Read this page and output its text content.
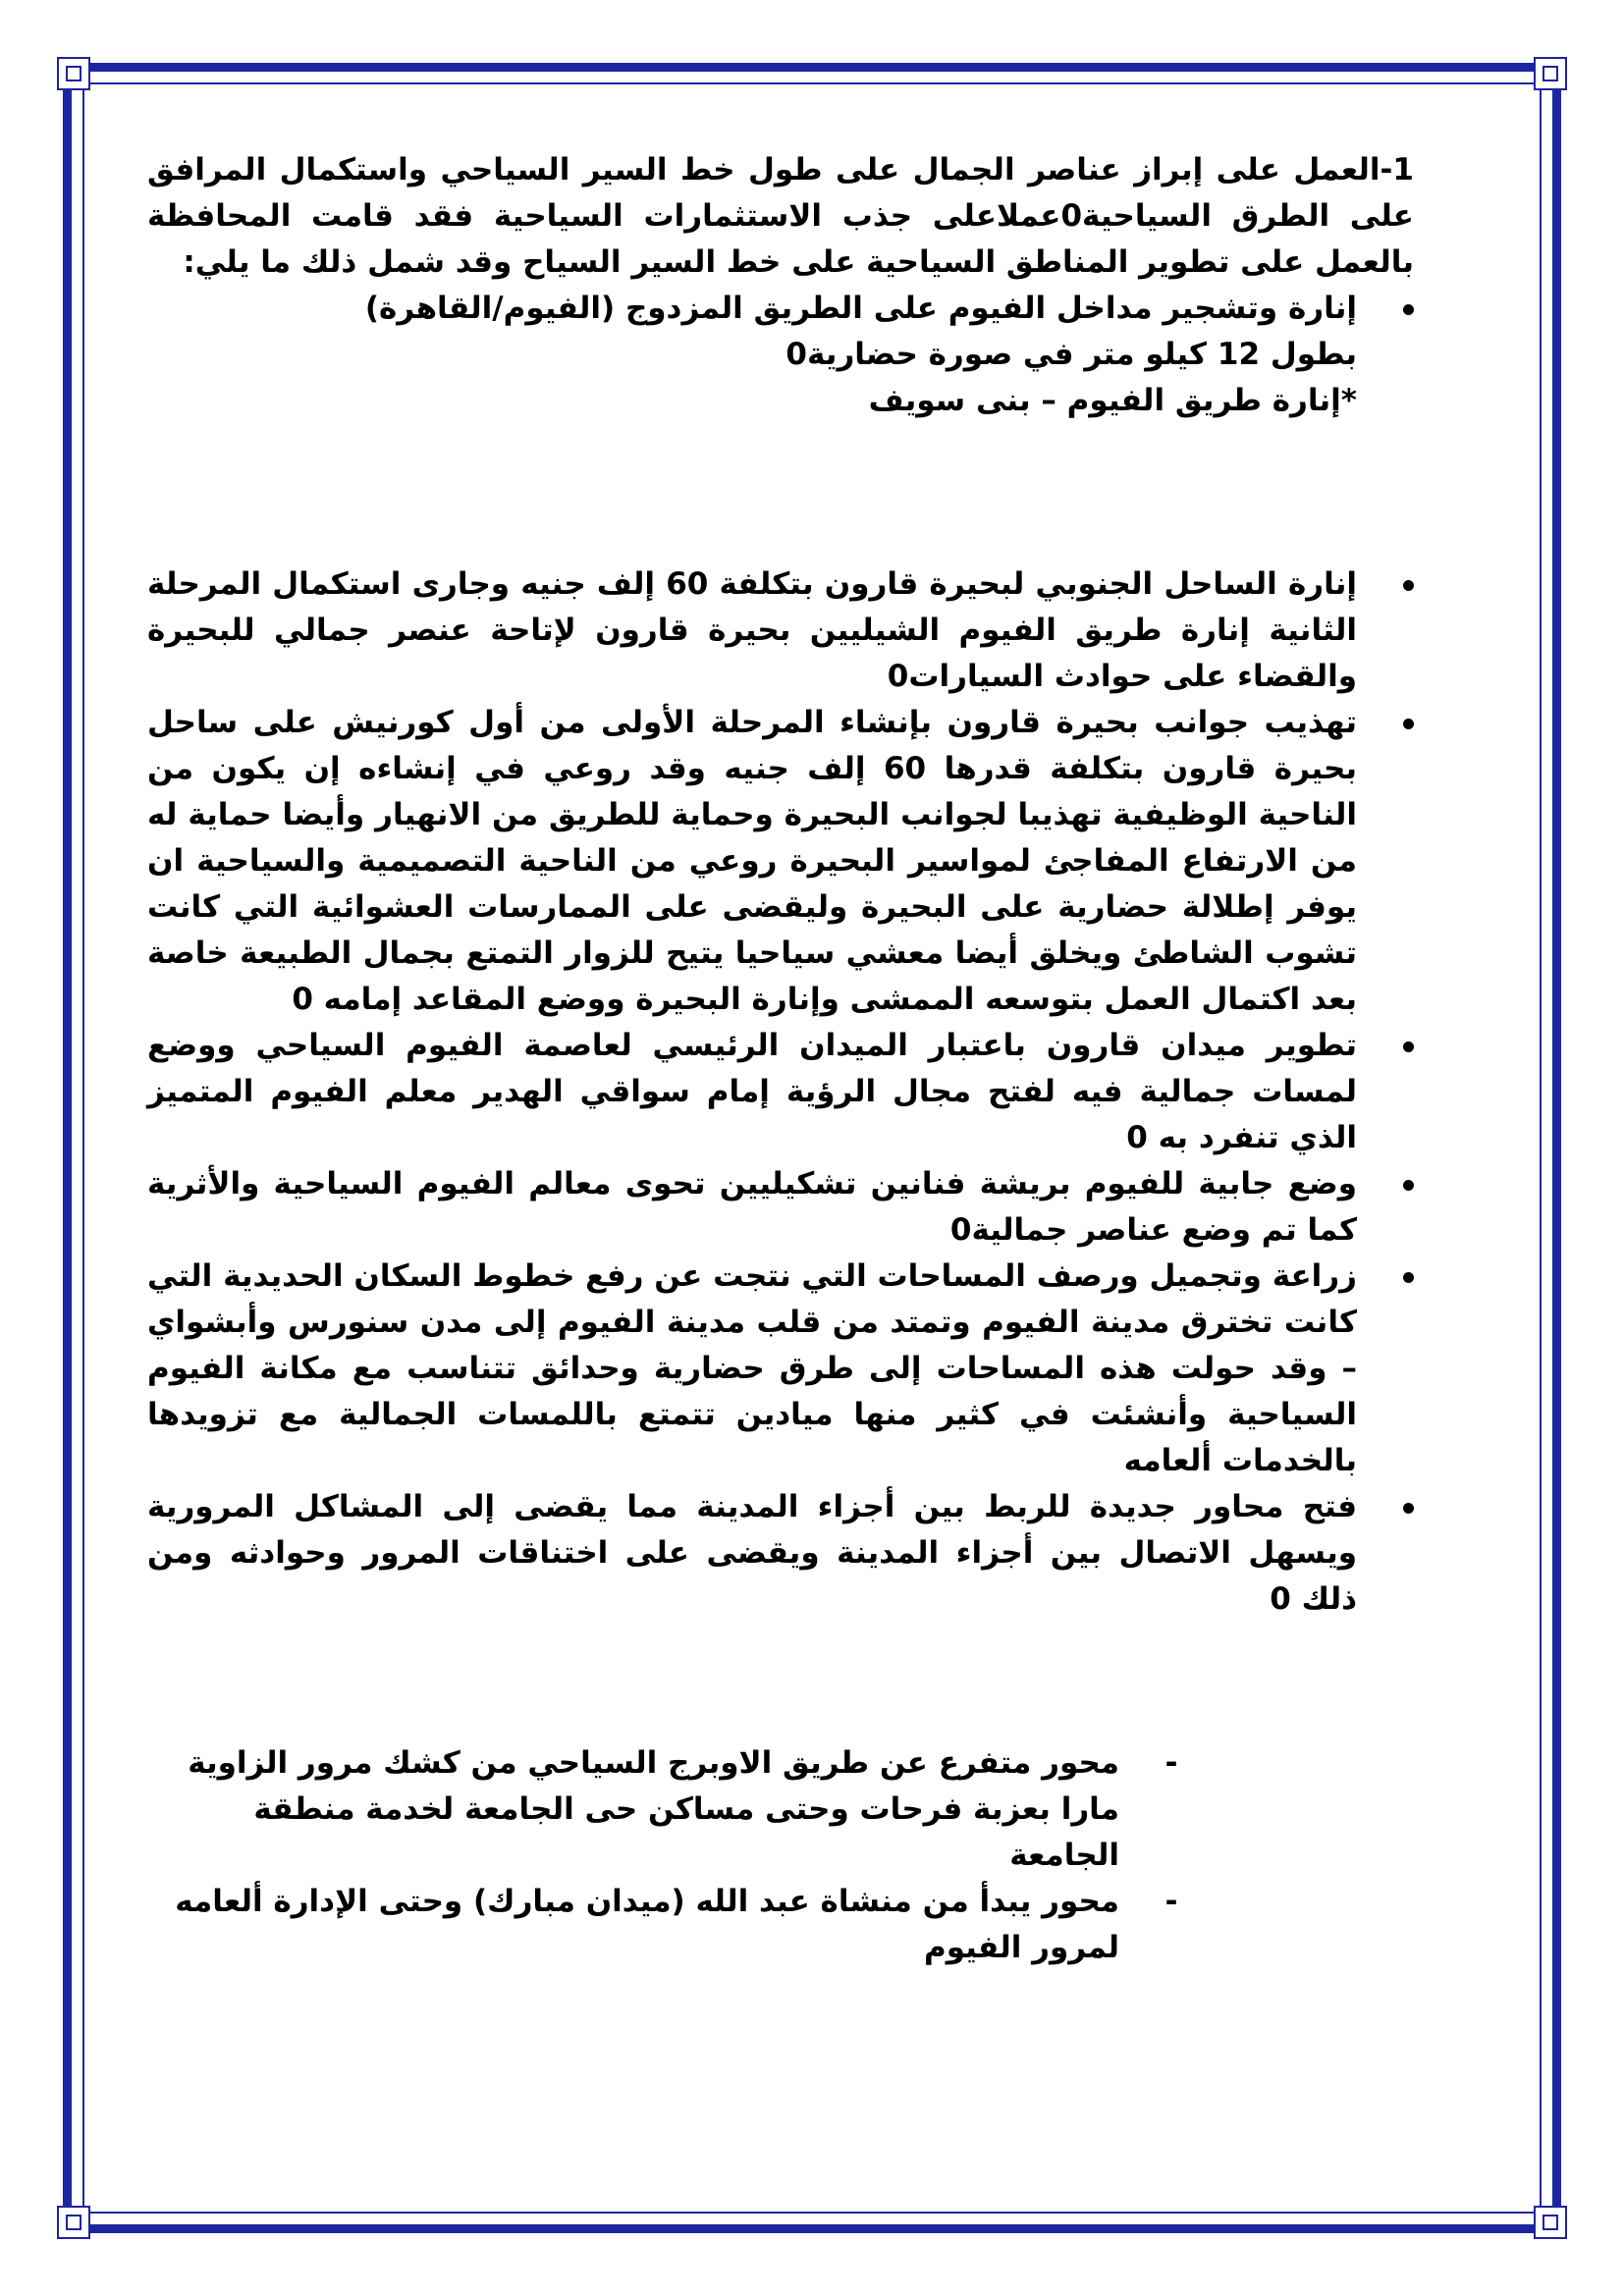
1-العمل على إبراز عناصر الجمال على طول خط السير السياحي واستكمال المرافق على الطرق السياحية0عملاعلى جذب الاستثمارات السياحية فقد قامت المحافظة بالعمل على تطوير المناطق السياحية على خط السير السياح وقد شمل ذلك ما يلي:

إنارة وتشجير مداخل الفيوم على الطريق المزدوج (الفيوم/القاهرة)
بطول 12 كيلو متر في صورة حضارية0
*إنارة طريق الفيوم – بنى سويف
إنارة الساحل الجنوبي لبحيرة قارون بتكلفة 60 إلف جنيه وجارى استكمال المرحلة الثانية إنارة طريق الفيوم الشيليين بحيرة قارون لإتاحة عنصر جمالي للبحيرة والقضاء على حوادث السيارات0
تهذيب جوانب بحيرة قارون بإنشاء المرحلة الأولى من أول كورنيش على ساحل بحيرة قارون بتكلفة قدرها 60 إلف جنيه وقد روعي في إنشاءه إن يكون من الناحية الوظيفية تهذيبا لجوانب البحيرة وحماية للطريق من الانهيار وأيضا حماية له من الارتفاع المفاجئ لمواسير البحيرة روعي من الناحية التصميمية والسياحية ان يوفر إطلالة حضارية على البحيرة وليقضى على الممارسات العشوائية التي كانت تشوب الشاطئ ويخلق أيضا معشي سياحيا يتيح للزوار التمتع بجمال الطبيعة خاصة بعد اكتمال العمل بتوسعه الممشى وإنارة البحيرة ووضع المقاعد إمامه 0
تطوير ميدان قارون باعتبار الميدان الرئيسي لعاصمة الفيوم السياحي ووضع لمسات جمالية فيه لفتح مجال الرؤية إمام سواقي الهدير معلم الفيوم المتميز الذي تنفرد به 0
وضع جابية للفيوم بريشة فنانين تشكيليين تحوى معالم الفيوم السياحية والأثرية كما تم وضع عناصر جمالية0
زراعة وتجميل ورصف المساحات التي نتجت عن رفع خطوط السكان الحديدية التي كانت تخترق مدينة الفيوم وتمتد من قلب مدينة الفيوم إلى مدن سنورس وأبشواي – وقد حولت هذه المساحات إلى طرق حضارية وحدائق تتناسب مع مكانة الفيوم السياحية وأنشئت في كثير منها ميادين تتمتع باللمسات الجمالية مع تزويدها بالخدمات ألعامه
فتح محاور جديدة للربط بين أجزاء المدينة مما يقضى إلى المشاكل المرورية ويسهل الاتصال بين أجزاء المدينة ويقضى على اختناقات المرور وحوادثه ومن ذلك 0
-
محور متفرع عن طريق الاوبرج السياحي من كشك مرور الزاوية مارا بعزبة فرحات وحتى مساكن حى الجامعة لخدمة منطقة الجامعة
-
محور يبدأ من منشاة عبد الله (ميدان مبارك) وحتى الإدارة ألعامه لمرور الفيوم
